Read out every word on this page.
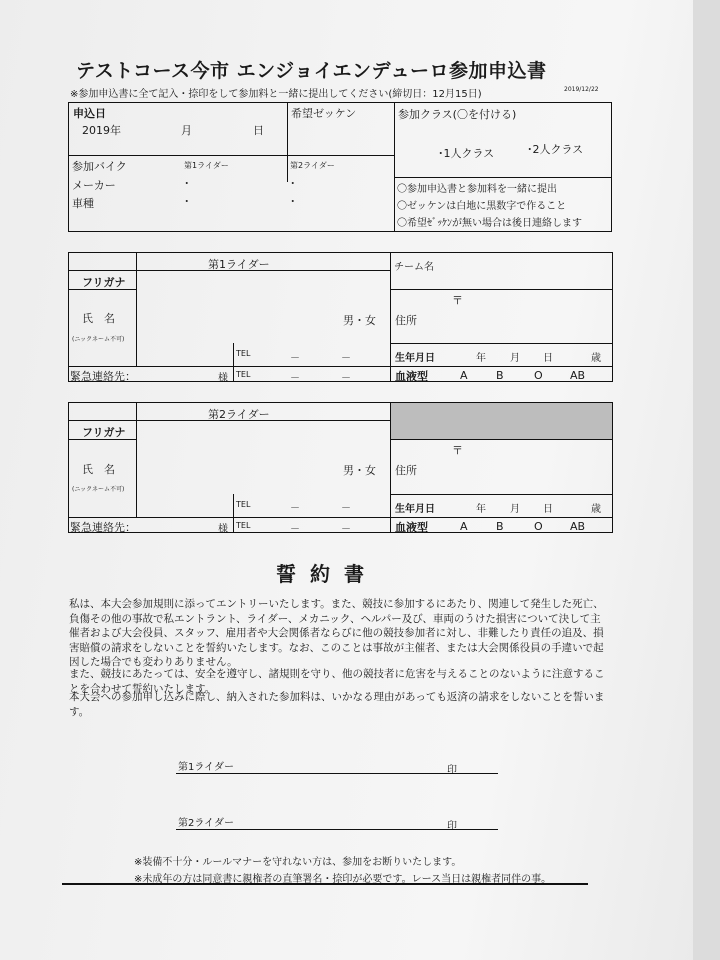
テストコース今市 エンジョイエンデューロ参加申込書
※参加申込書に全て記入・捺印をして参加料と一緒に提出してください(締切日：12月15日)	2019/12/22
申込日
2019年	月	日
希望ゼッケン	参加クラス(〇を付ける)
･1人クラス	･2人クラス
参加バイク	第1ライダー	第2ライダー
メーカー	･	･
車種	･	･
〇参加申込書と参加料を一緒に提出
〇ゼッケンは白地に黒数字で作ること
〇希望ｾﾞｯｹﾝが無い場合は後日連絡します
第1ライダー	チーム名
フリガナ
氏　名
(ニックネーム不可)
男・女
〒
住所
TEL	－	－	生年月日	年 月 日	歳
緊急連絡先：	様 TEL	－	－	血液型	A	B	O AB
第2ライダー
フリガナ
氏　名
(ニックネーム不可)
男・女
〒
住所
TEL	－	－	生年月日	年 月 日	歳
緊急連絡先：	様 TEL	－	－	血液型	A	B	O AB
誓約書
私は、本大会参加規則に添ってエントリーいたします。また、競技に参加するにあたり、関連して発生した死亡、負傷その他の事故で私エントラント、ライダー、メカニック、ヘルパー及び、車両のうけた損害について決して主催者および大会役員、スタッフ、雇用者や大会関係者ならびに他の競技参加者に対し、非難したり責任の追及、損害賠償の請求をしないことを誓約いたします。なお、このことは事故が主催者、または大会関係役員の手違いで起因した場合でも変わりありません。
また、競技にあたっては、安全を遵守し、諸規則を守り、他の競技者に危害を与えることのないように注意することを合わせて誓約いたします。
本大会への参加申し込みに際し、納入された参加料は、いかなる理由があっても返済の請求をしないことを誓います。
第1ライダー	印
第2ライダー	印
※装備不十分・ルールマナーを守れない方は、参加をお断りいたします。
※未成年の方は同意書に親権者の直筆署名・捺印が必要です。レース当日は親権者同伴の事。
